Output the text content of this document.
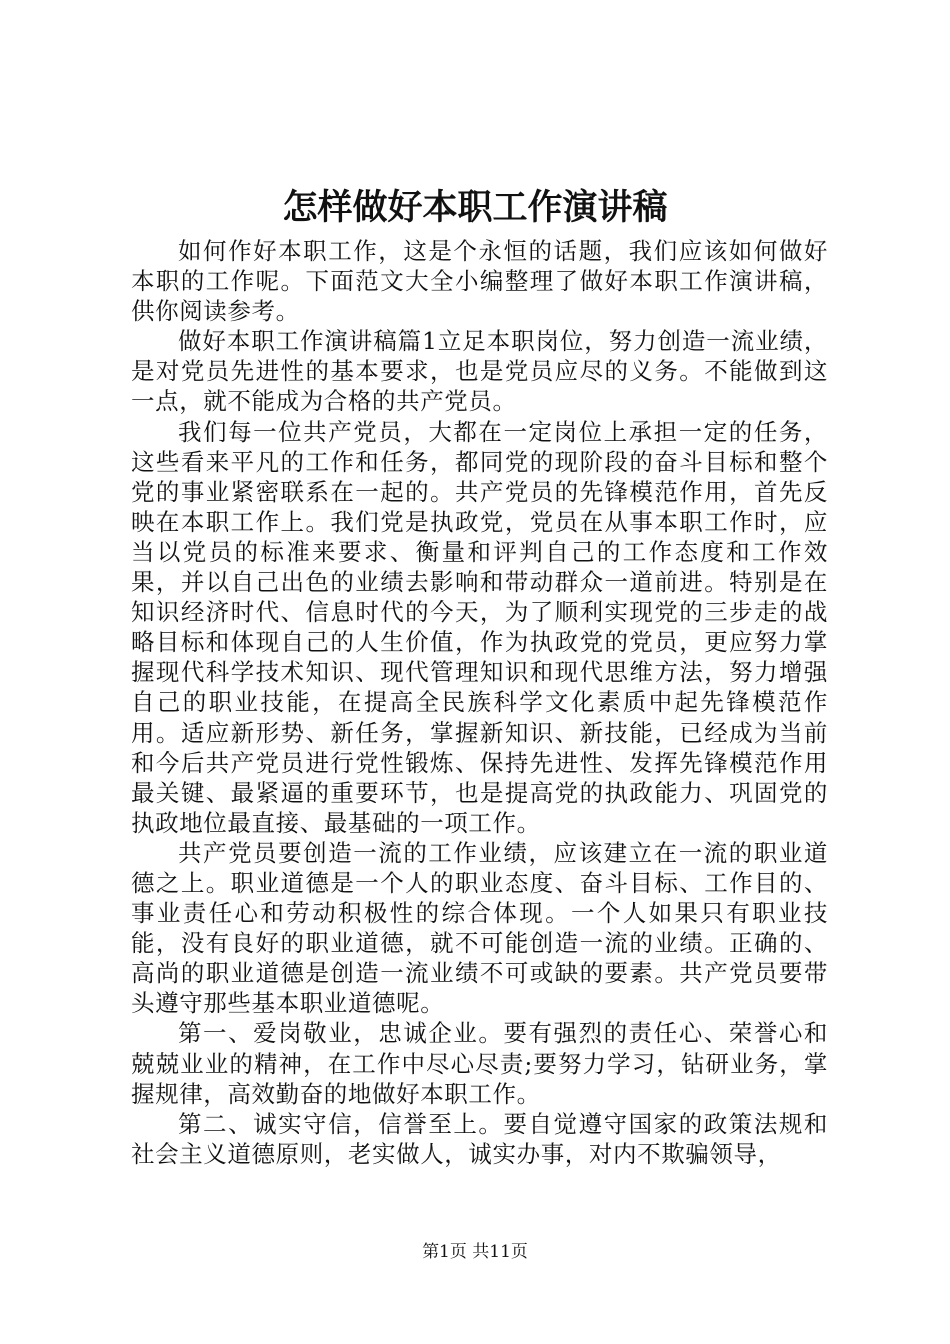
怎样做好本职工作演讲稿

如何作好本职工作，这是个永恒的话题，我们应该如何做好本职的工作呢。下面范文大全小编整理了做好本职工作演讲稿，供你阅读参考。

做好本职工作演讲稿篇1立足本职岗位，努力创造一流业绩，是对党员先进性的基本要求，也是党员应尽的义务。不能做到这一点，就不能成为合格的共产党员。

我们每一位共产党员，大都在一定岗位上承担一定的任务，这些看来平凡的工作和任务，都同党的现阶段的奋斗目标和整个党的事业紧密联系在一起的。共产党员的先锋模范作用，首先反映在本职工作上。我们党是执政党，党员在从事本职工作时，应当以党员的标准来要求、衡量和评判自己的工作态度和工作效果，并以自己出色的业绩去影响和带动群众一道前进。特别是在知识经济时代、信息时代的今天，为了顺利实现党的三步走的战略目标和体现自己的人生价值，作为执政党的党员，更应努力掌握现代科学技术知识、现代管理知识和现代思维方法，努力增强自己的职业技能，在提高全民族科学文化素质中起先锋模范作用。适应新形势、新任务，掌握新知识、新技能，已经成为当前和今后共产党员进行党性锻炼、保持先进性、发挥先锋模范作用最关键、最紧逼的重要环节，也是提高党的执政能力、巩固党的执政地位最直接、最基础的一项工作。

共产党员要创造一流的工作业绩，应该建立在一流的职业道德之上。职业道德是一个人的职业态度、奋斗目标、工作目的、事业责任心和劳动积极性的综合体现。一个人如果只有职业技能，没有良好的职业道德，就不可能创造一流的业绩。正确的、高尚的职业道德是创造一流业绩不可或缺的要素。共产党员要带头遵守那些基本职业道德呢。

第一、爱岗敬业，忠诚企业。要有强烈的责任心、荣誉心和兢兢业业的精神，在工作中尽心尽责;要努力学习，钻研业务，掌握规律，高效勤奋的地做好本职工作。

第二、诚实守信，信誉至上。要自觉遵守国家的政策法规和社会主义道德原则，老实做人，诚实办事，对内不欺骗领导，

第1页 共11页
